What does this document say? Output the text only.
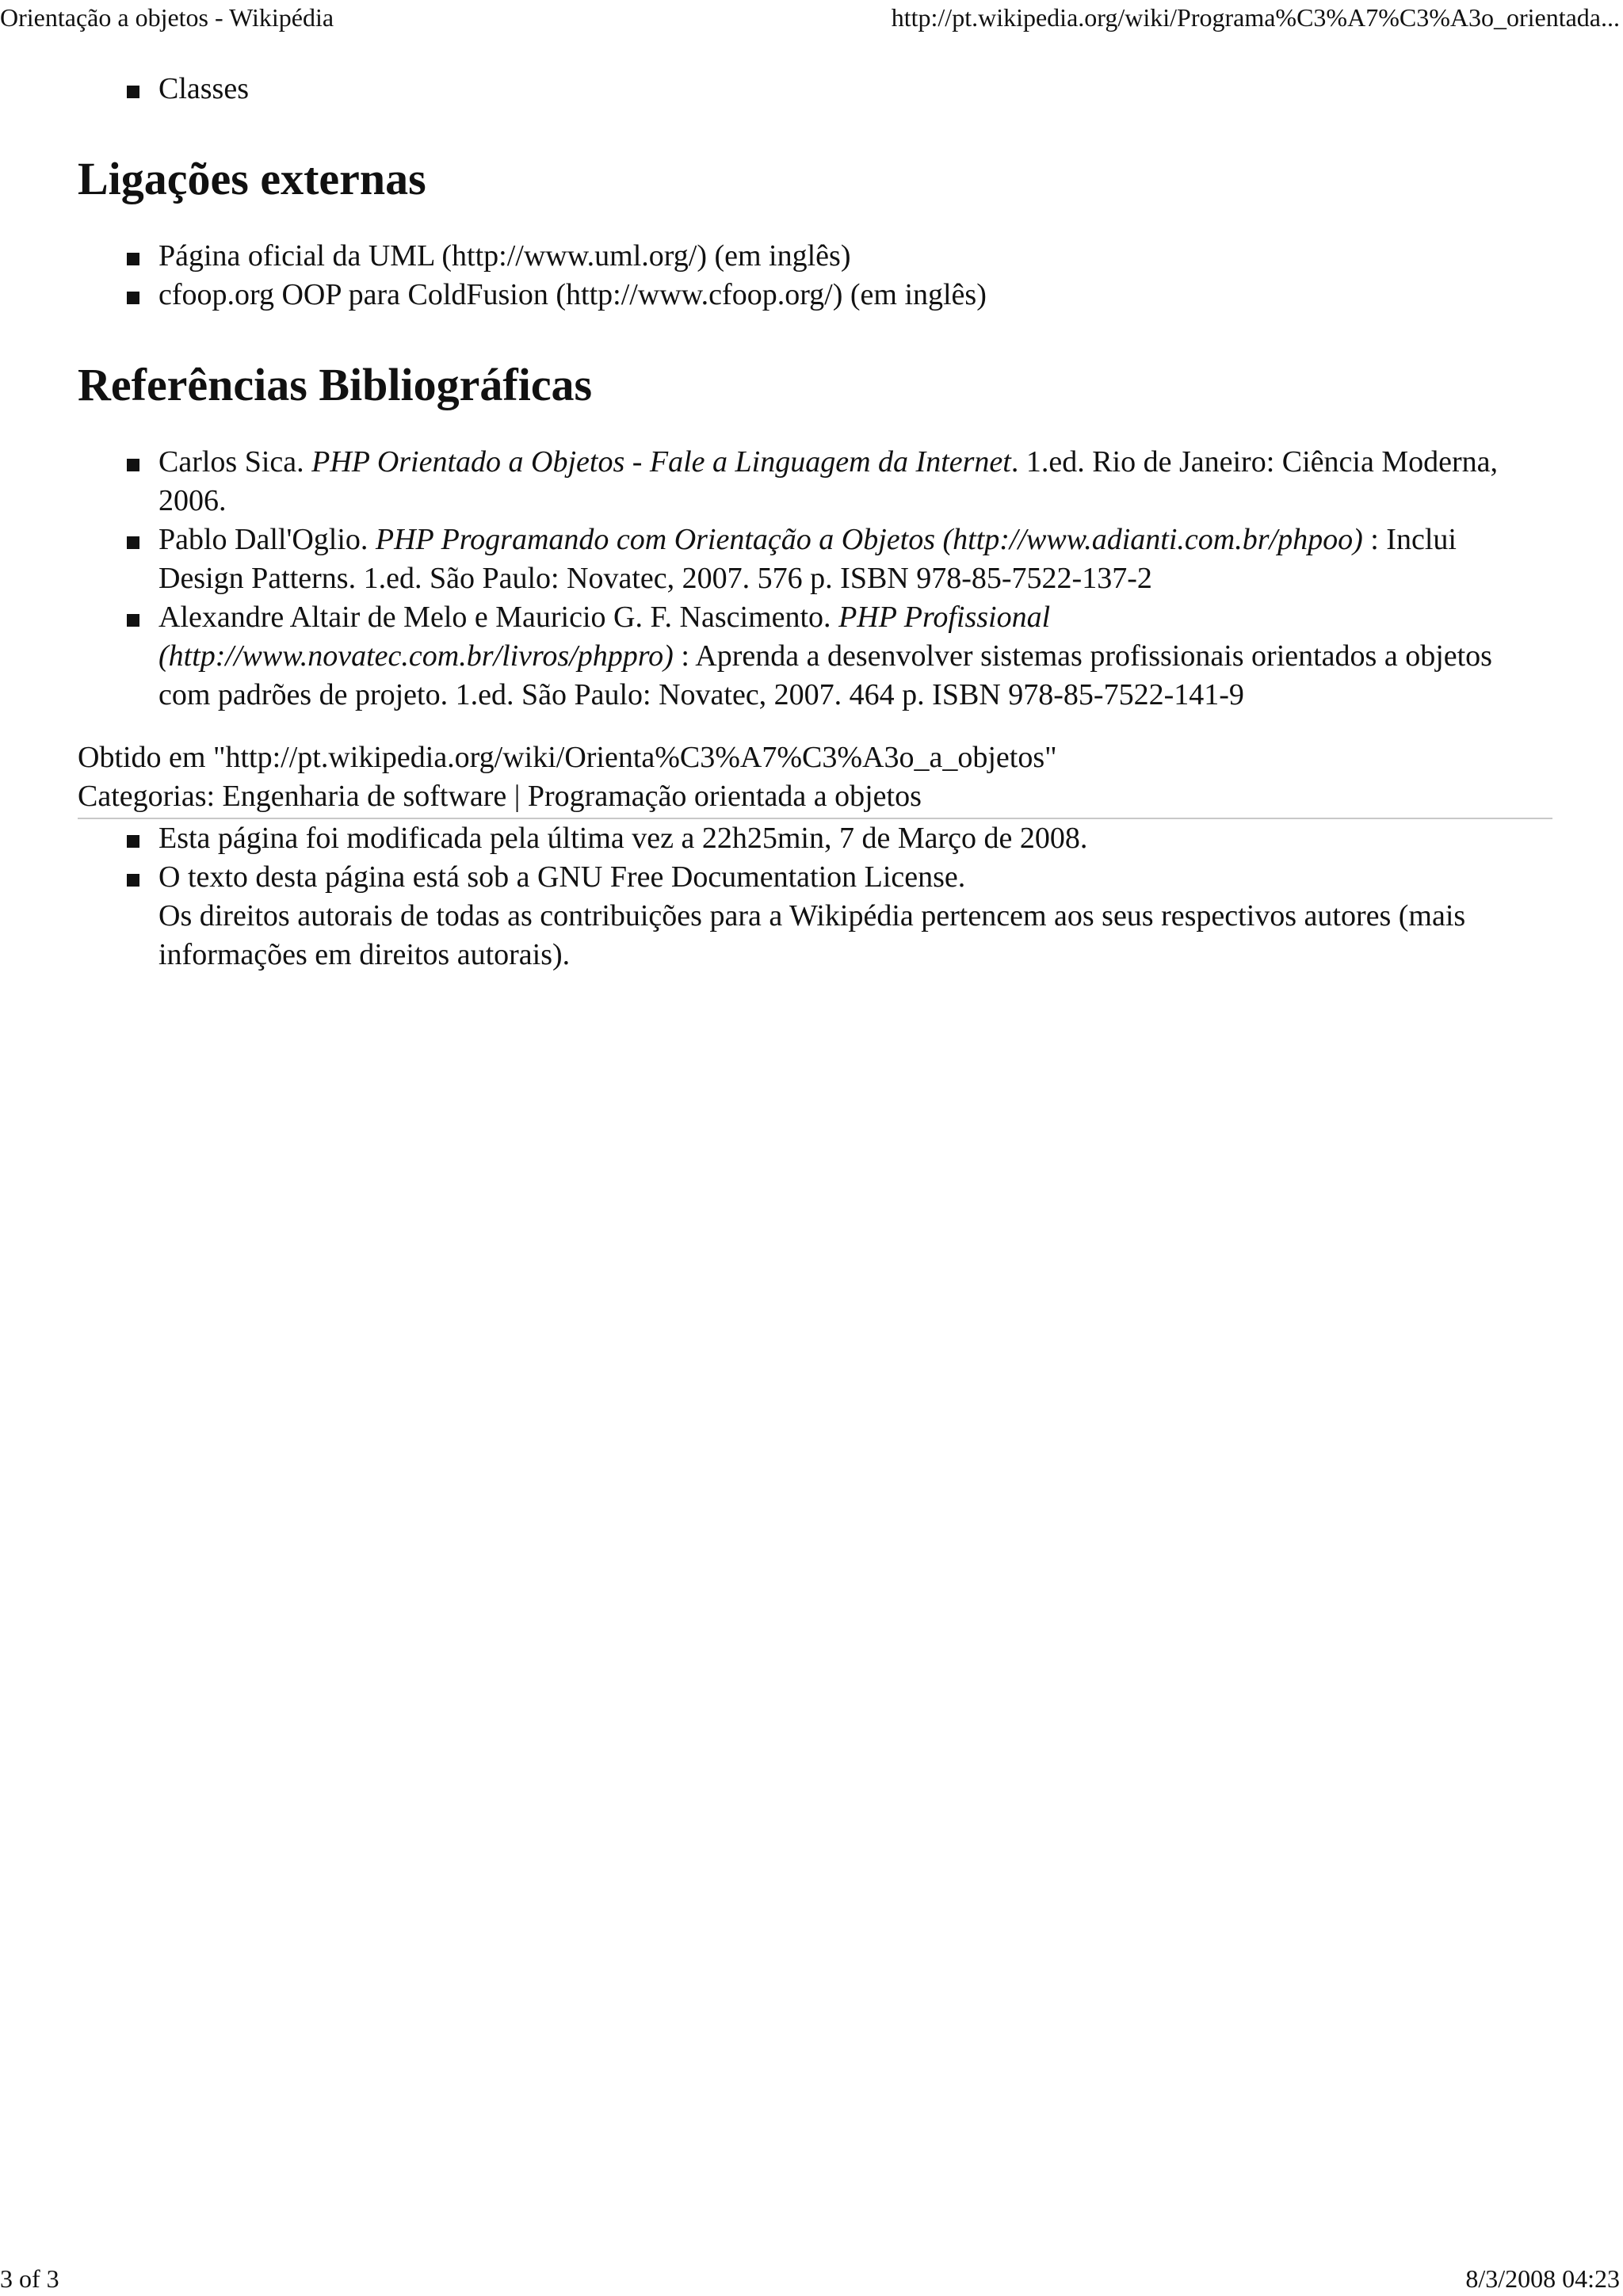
Orientação a objetos - Wikipédia	http://pt.wikipedia.org/wiki/Programa%C3%A7%C3%A3o_orientada...
Classes
Ligações externas
Página oficial da UML (http://www.uml.org/) (em inglês)
cfoop.org OOP para ColdFusion (http://www.cfoop.org/) (em inglês)
Referências Bibliográficas
Carlos Sica. PHP Orientado a Objetos - Fale a Linguagem da Internet. 1.ed. Rio de Janeiro: Ciência Moderna, 2006.
Pablo Dall'Oglio. PHP Programando com Orientação a Objetos (http://www.adianti.com.br/phpoo) : Inclui Design Patterns. 1.ed. São Paulo: Novatec, 2007. 576 p. ISBN 978-85-7522-137-2
Alexandre Altair de Melo e Mauricio G. F. Nascimento. PHP Profissional (http://www.novatec.com.br/livros/phppro) : Aprenda a desenvolver sistemas profissionais orientados a objetos com padrões de projeto. 1.ed. São Paulo: Novatec, 2007. 464 p. ISBN 978-85-7522-141-9
Obtido em "http://pt.wikipedia.org/wiki/Orienta%C3%A7%C3%A3o_a_objetos"
Categorias: Engenharia de software | Programação orientada a objetos
Esta página foi modificada pela última vez a 22h25min, 7 de Março de 2008.
O texto desta página está sob a GNU Free Documentation License.
Os direitos autorais de todas as contribuições para a Wikipédia pertencem aos seus respectivos autores (mais informações em direitos autorais).
3 of 3	8/3/2008 04:23
